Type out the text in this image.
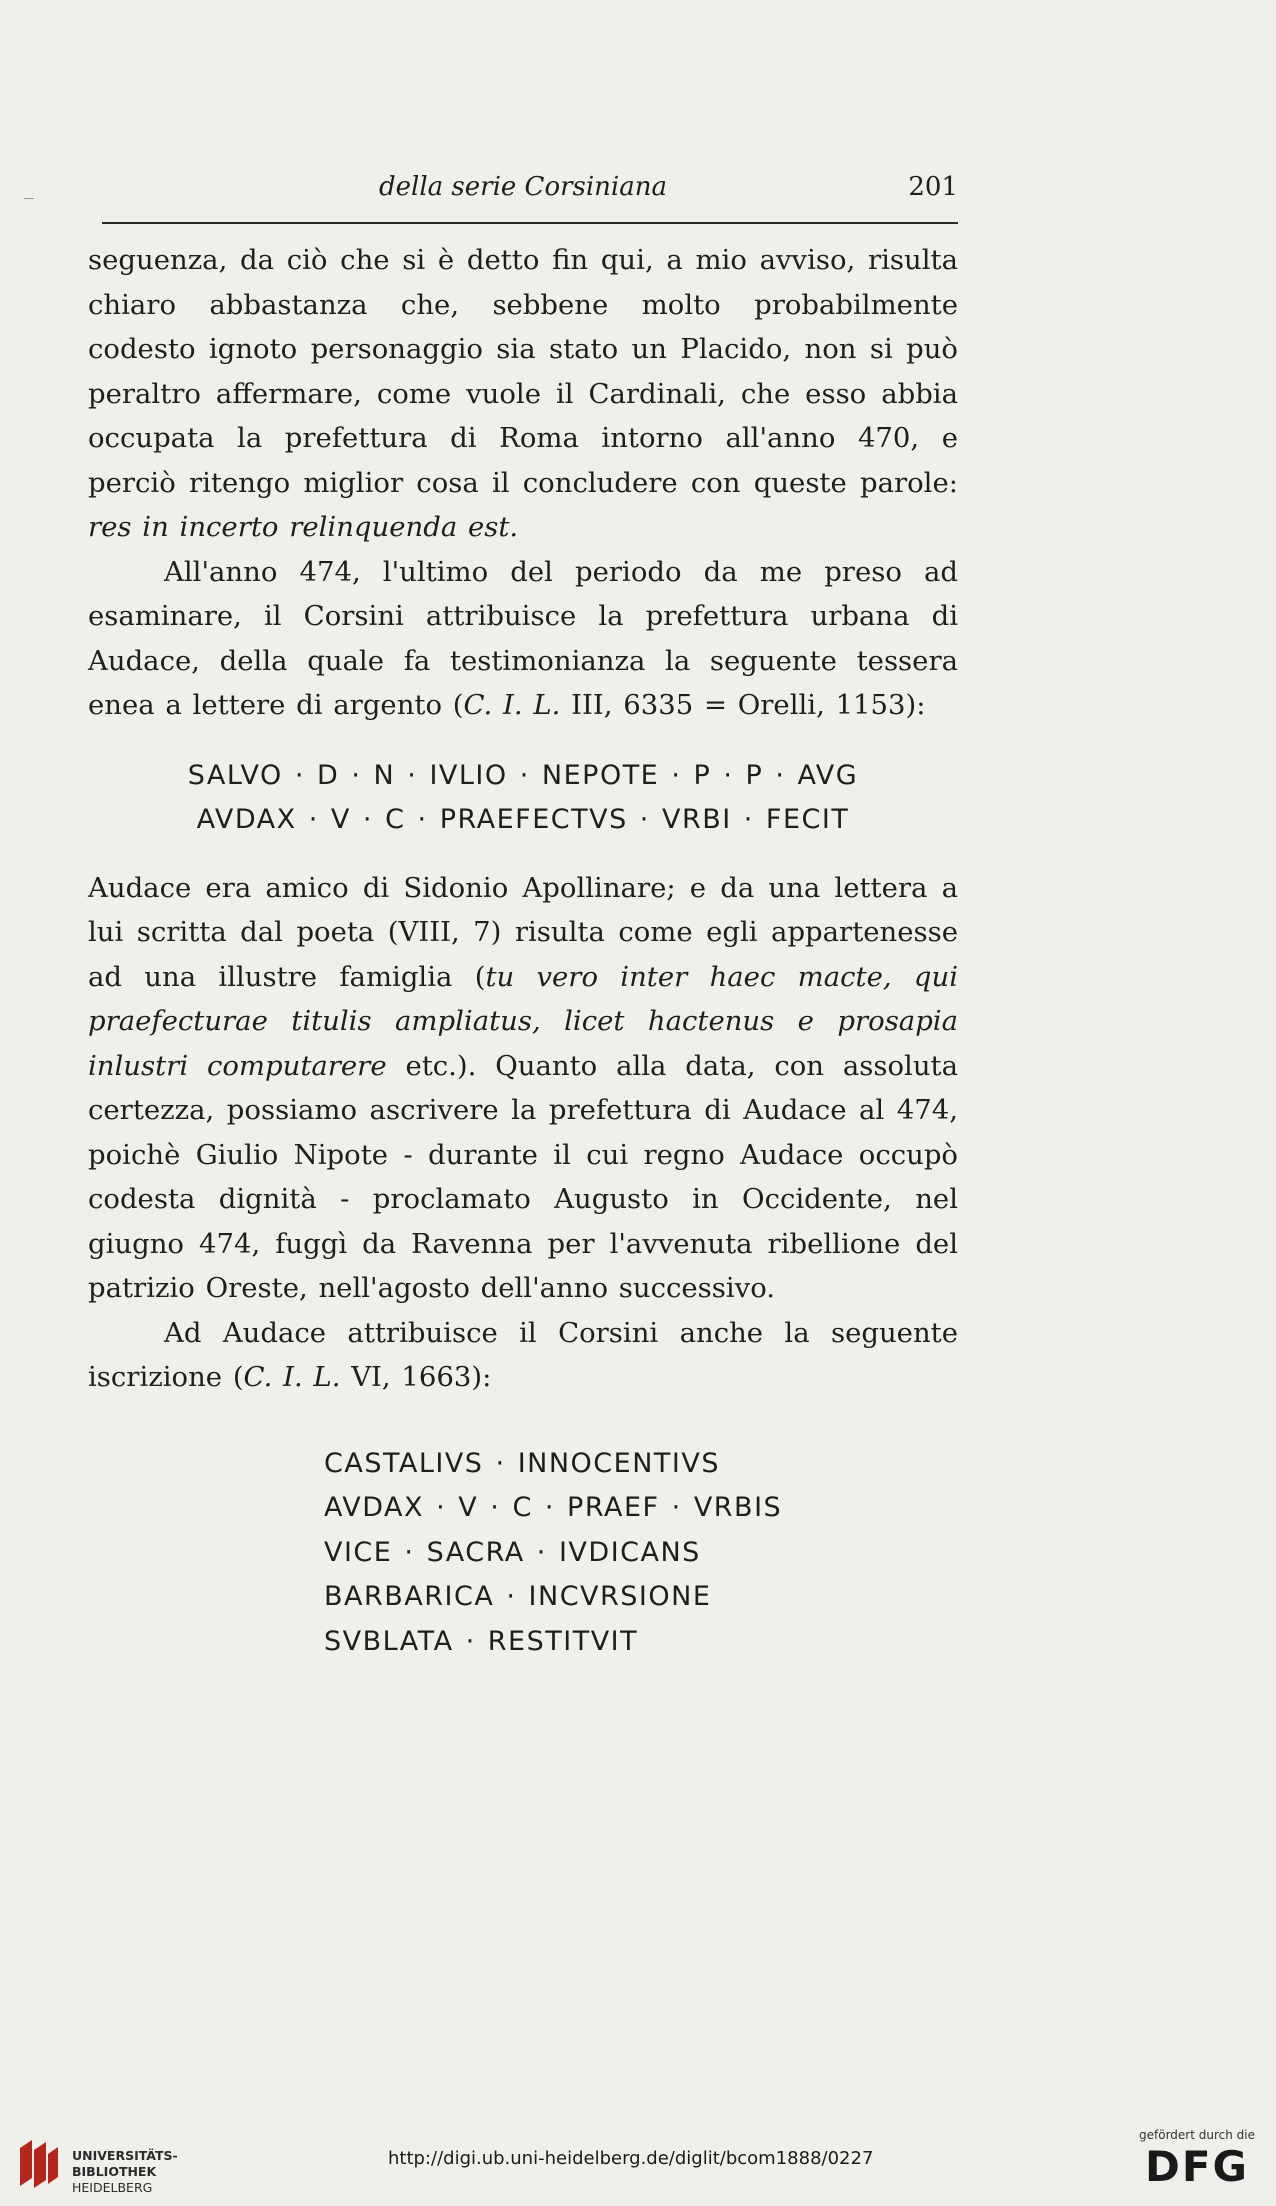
della serie Corsiniana	201

seguenza, da ciò che si è detto fin qui, a mio avviso, risulta chiaro abbastanza che, sebbene molto probabilmente codesto ignoto personaggio sia stato un Placido, non si può peraltro affermare, come vuole il Cardinali, che esso abbia occupata la prefettura di Roma intorno all'anno 470, e perciò ritengo miglior cosa il concludere con queste parole: res in incerto relinquenda est.

All'anno 474, l'ultimo del periodo da me preso ad esaminare, il Corsini attribuisce la prefettura urbana di Audace, della quale fa testimonianza la seguente tessera enea a lettere di argento (C. I. L. III, 6335 = Orelli, 1153):

SALVO · D · N · IVLIO · NEPOTE · P · P · AVG
AVDAX · V · C · PRAEFECTVS · VRBI · FECIT

Audace era amico di Sidonio Apollinare; e da una lettera a lui scritta dal poeta (VIII, 7) risulta come egli appartenesse ad una illustre famiglia (tu vero inter haec macte, qui praefecturae titulis ampliatus, licet hactenus e prosapia inlustri computarere etc.). Quanto alla data, con assoluta certezza, possiamo ascrivere la prefettura di Audace al 474, poichè Giulio Nipote - durante il cui regno Audace occupò codesta dignità - proclamato Augusto in Occidente, nel giugno 474, fuggì da Ravenna per l'avvenuta ribellione del patrizio Oreste, nell'agosto dell'anno successivo.

Ad Audace attribuisce il Corsini anche la seguente iscrizione (C. I. L. VI, 1663):

CASTALIVS · INNOCENTIVS
AVDAX · V · C · PRAEF · VRBIS
VICE · SACRA · IVDICANS
BARBARICA · INCVRSIONE
SVBLATA · RESTITVIT
UNIVERSITÄTS-
BIBLIOTHEK
HEIDELBERG
http://digi.ub.uni-heidelberg.de/diglit/bcom1888/0227
gefördert durch die
DFG
